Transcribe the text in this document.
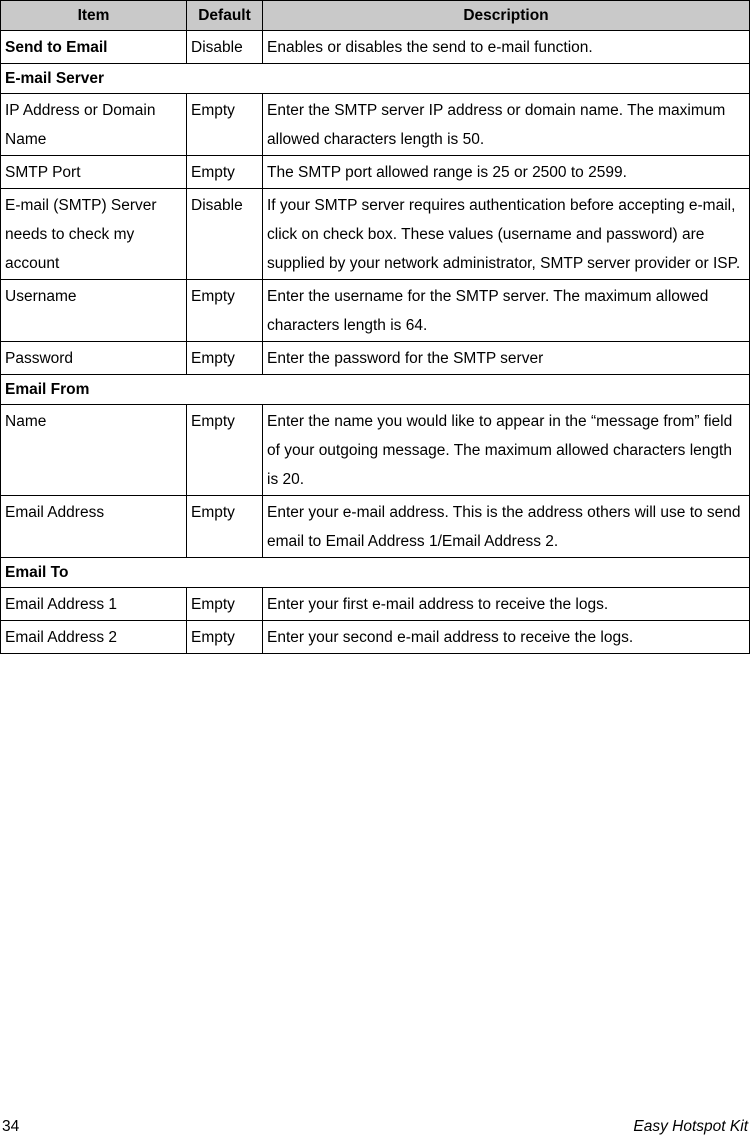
Item	Default	Description
Send to Email	Disable	Enables or disables the send to e-mail function.
E-mail Server		
IP Address or Domain Name	Empty	Enter the SMTP server IP address or domain name. The maximum allowed characters length is 50.
SMTP Port	Empty	The SMTP port allowed range is 25 or 2500 to 2599.
E-mail (SMTP) Server needs to check my account	Disable	If your SMTP server requires authentication before accepting e-mail, click on check box. These values (username and password) are supplied by your network administrator, SMTP server provider or ISP.
Username	Empty	Enter the username for the SMTP server. The maximum allowed characters length is 64.
Password	Empty	Enter the password for the SMTP server
Email From		
Name	Empty	Enter the name you would like to appear in the “message from” field of your outgoing message. The maximum allowed characters length is 20.
Email Address	Empty	Enter your e-mail address. This is the address others will use to send email to Email Address 1/Email Address 2.
Email To		
Email Address 1	Empty	Enter your first e-mail address to receive the logs.
Email Address 2	Empty	Enter your second e-mail address to receive the logs.
34	Easy Hotspot Kit
